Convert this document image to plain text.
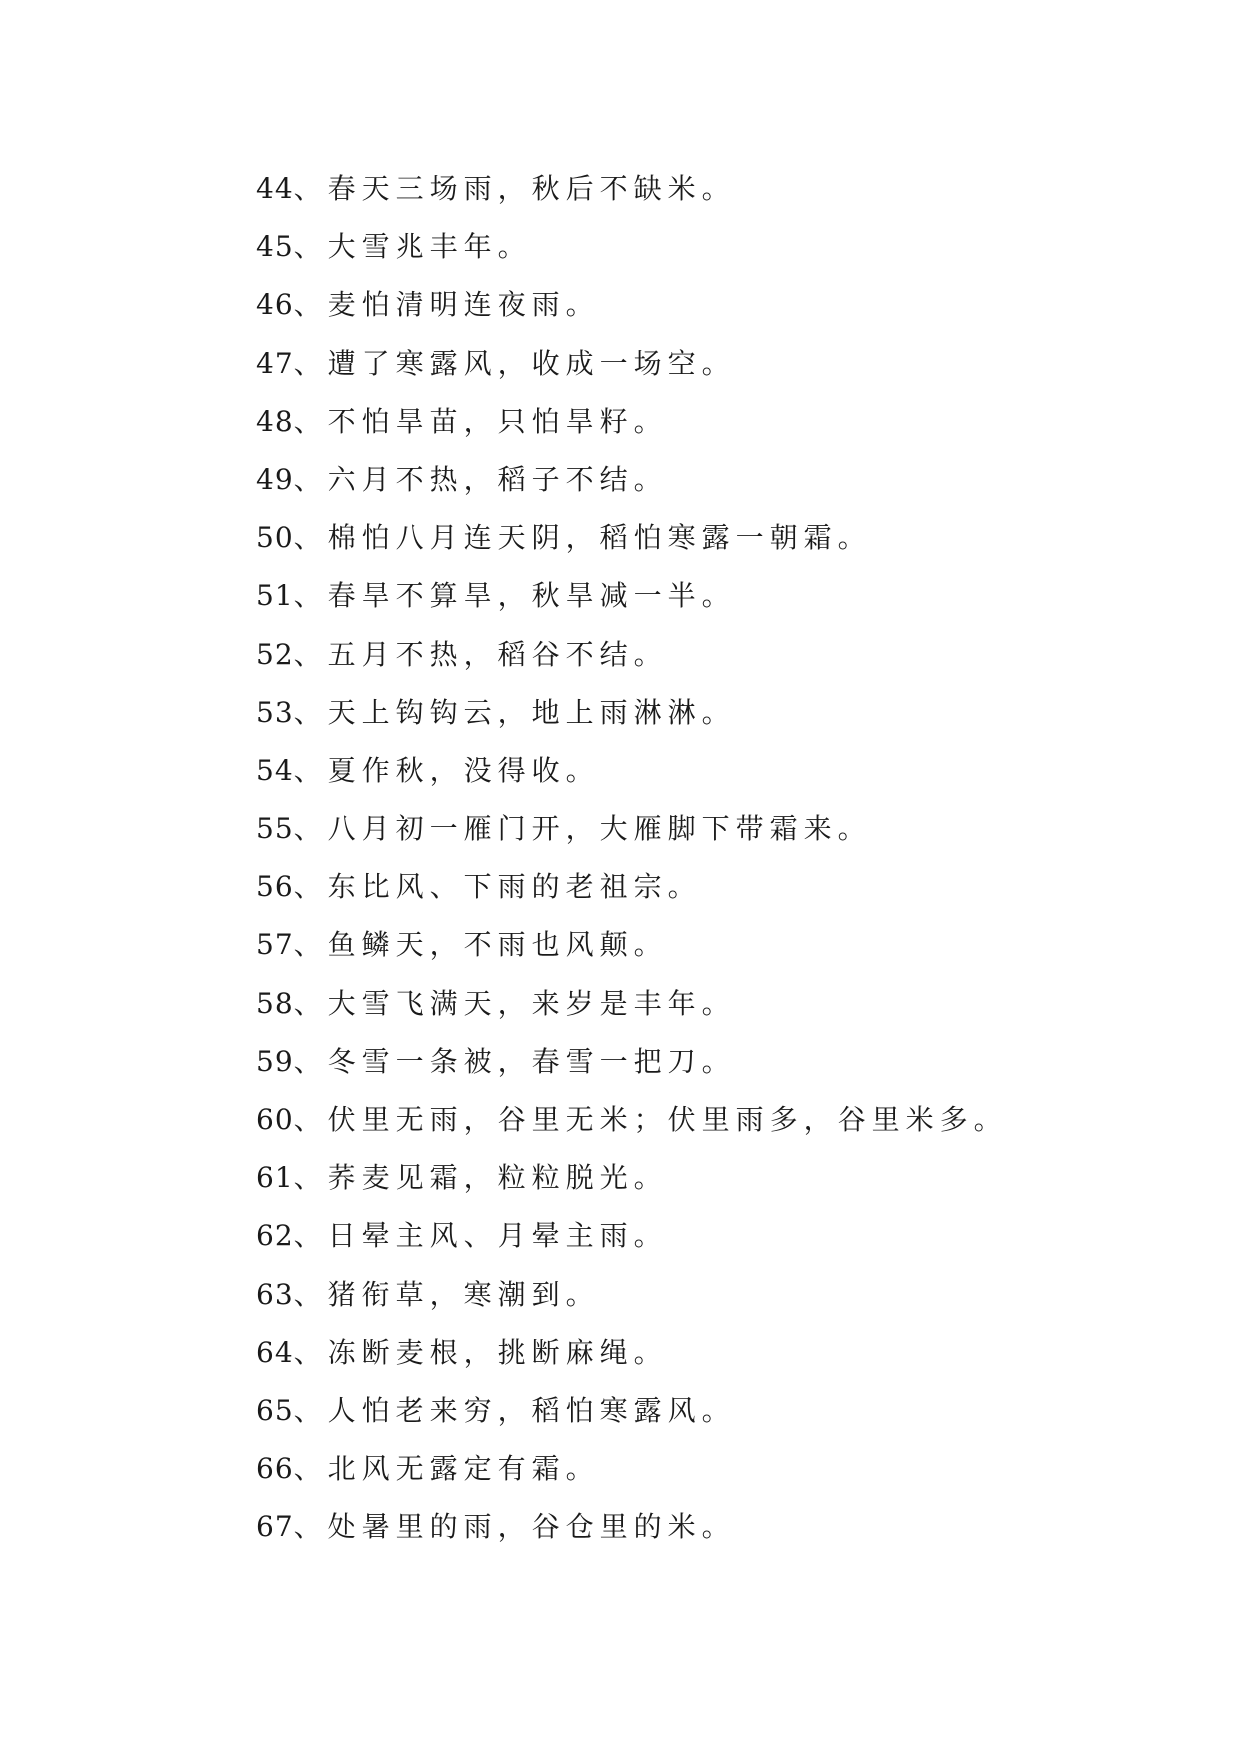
44、春天三场雨，秋后不缺米。
45、大雪兆丰年。
46、麦怕清明连夜雨。
47、遭了寒露风，收成一场空。
48、不怕旱苗，只怕旱籽。
49、六月不热，稻子不结。
50、棉怕八月连天阴，稻怕寒露一朝霜。
51、春旱不算旱，秋旱减一半。
52、五月不热，稻谷不结。
53、天上钩钩云，地上雨淋淋。
54、夏作秋，没得收。
55、八月初一雁门开，大雁脚下带霜来。
56、东比风、下雨的老祖宗。
57、鱼鳞天，不雨也风颠。
58、大雪飞满天，来岁是丰年。
59、冬雪一条被，春雪一把刀。
60、伏里无雨，谷里无米；伏里雨多，谷里米多。
61、荞麦见霜，粒粒脱光。
62、日晕主风、月晕主雨。
63、猪衔草，寒潮到。
64、冻断麦根，挑断麻绳。
65、人怕老来穷，稻怕寒露风。
66、北风无露定有霜。
67、处暑里的雨，谷仓里的米。
